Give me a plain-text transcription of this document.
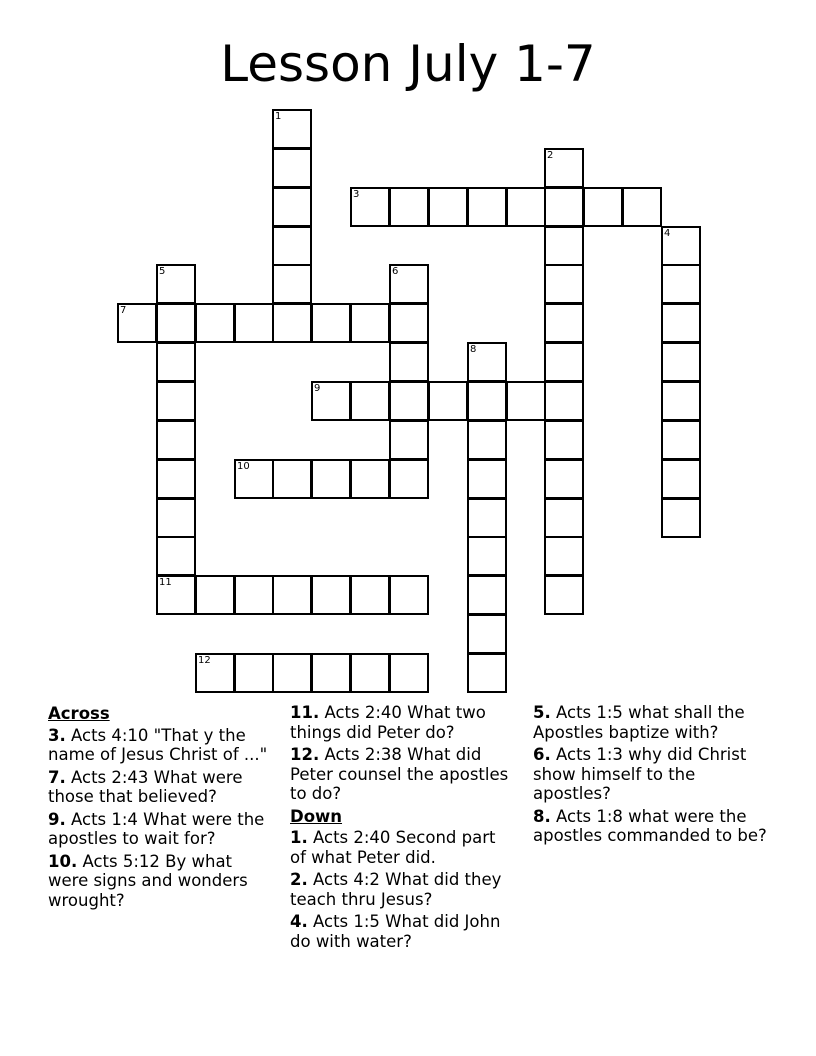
Lesson July 1-7
1
2
3
4
5	6
7
8
9
10
11
12
Across
3. Acts 4:10 "That y the name of Jesus Christ of ..."
7. Acts 2:43 What were those that believed?
9. Acts 1:4 What were the apostles to wait for?
10. Acts 5:12 By what were signs and wonders wrought?
11. Acts 2:40 What two things did Peter do?
12. Acts 2:38 What did Peter counsel the apostles to do?
Down
1. Acts 2:40 Second part of what Peter did.
2. Acts 4:2 What did they teach thru Jesus?
4. Acts 1:5 What did John do with water?
5. Acts 1:5 what shall the Apostles baptize with?
6. Acts 1:3 why did Christ show himself to the apostles?
8. Acts 1:8 what were the apostles commanded to be?
